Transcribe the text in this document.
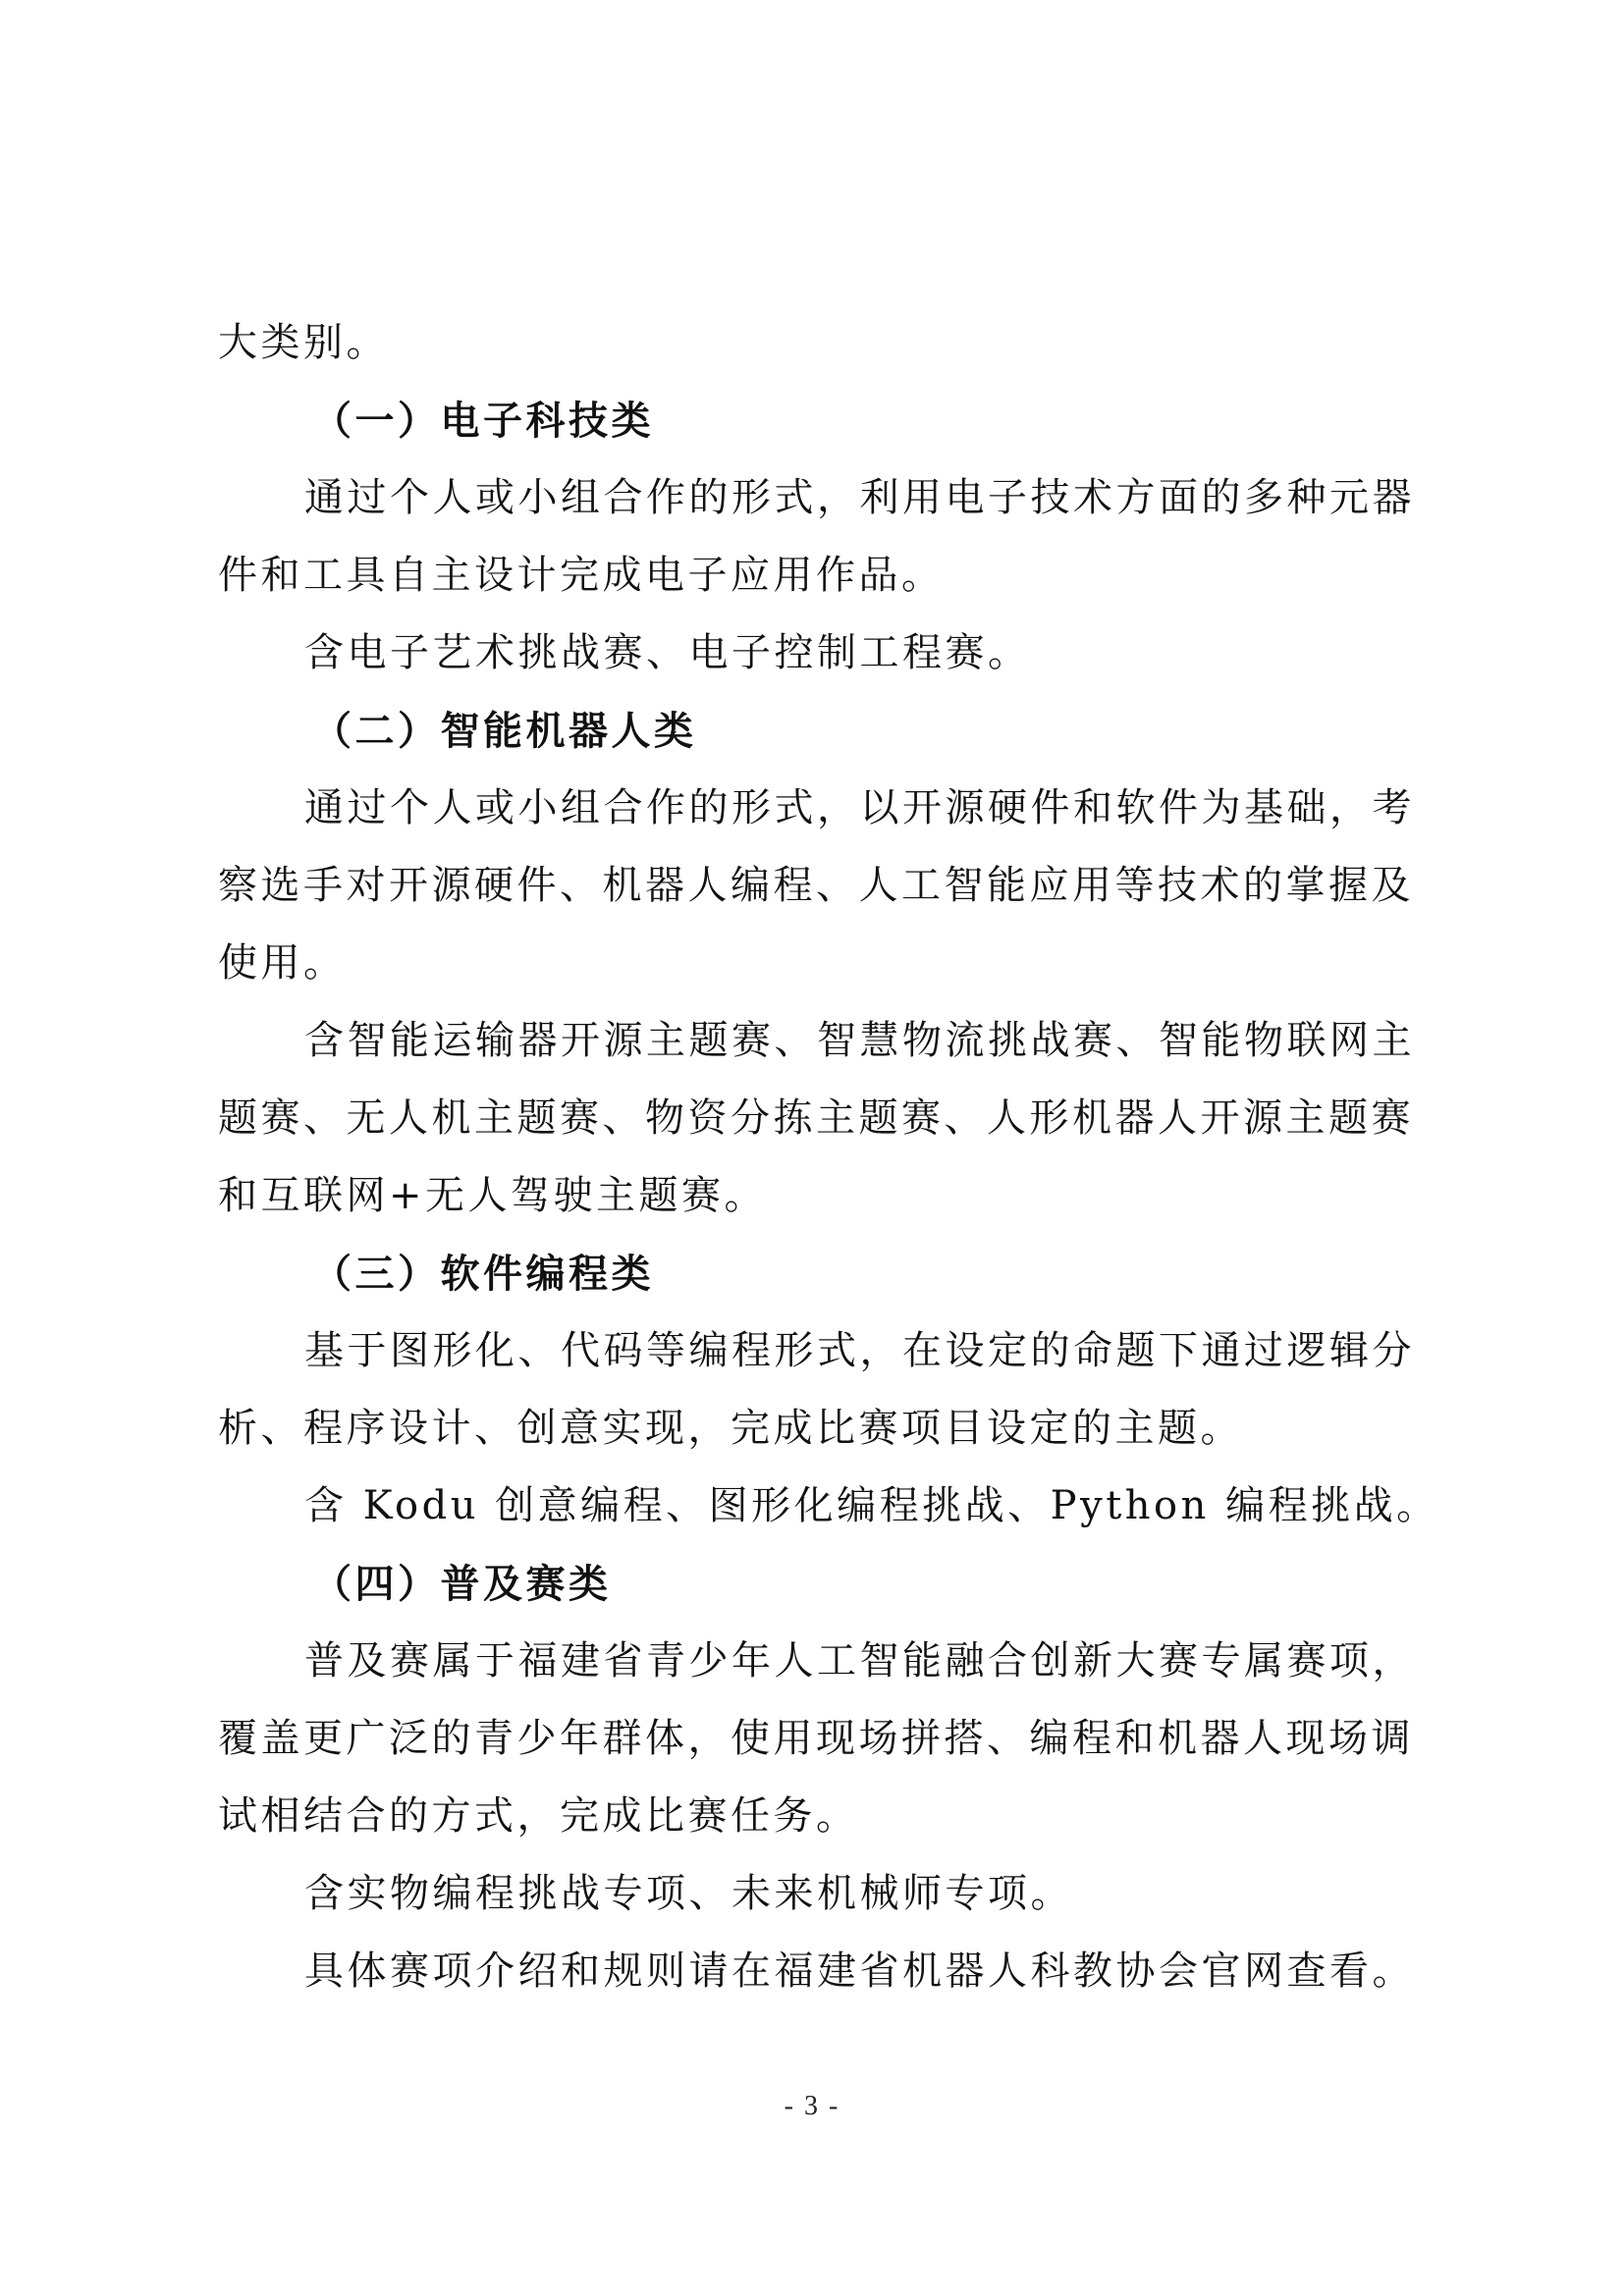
大类别。
（一）电子科技类
通过个人或小组合作的形式，利用电子技术方面的多种元器
件和工具自主设计完成电子应用作品。
含电子艺术挑战赛、电子控制工程赛。
（二）智能机器人类
通过个人或小组合作的形式，以开源硬件和软件为基础，考
察选手对开源硬件、机器人编程、人工智能应用等技术的掌握及
使用。
含智能运输器开源主题赛、智慧物流挑战赛、智能物联网主
题赛、无人机主题赛、物资分拣主题赛、人形机器人开源主题赛
和互联网+无人驾驶主题赛。
（三）软件编程类
基于图形化、代码等编程形式，在设定的命题下通过逻辑分
析、程序设计、创意实现，完成比赛项目设定的主题。
含 Kodu 创意编程、图形化编程挑战、Python 编程挑战。
（四）普及赛类
普及赛属于福建省青少年人工智能融合创新大赛专属赛项，
覆盖更广泛的青少年群体，使用现场拼搭、编程和机器人现场调
试相结合的方式，完成比赛任务。
含实物编程挑战专项、未来机械师专项。
具体赛项介绍和规则请在福建省机器人科教协会官网查看。
- 3 -
